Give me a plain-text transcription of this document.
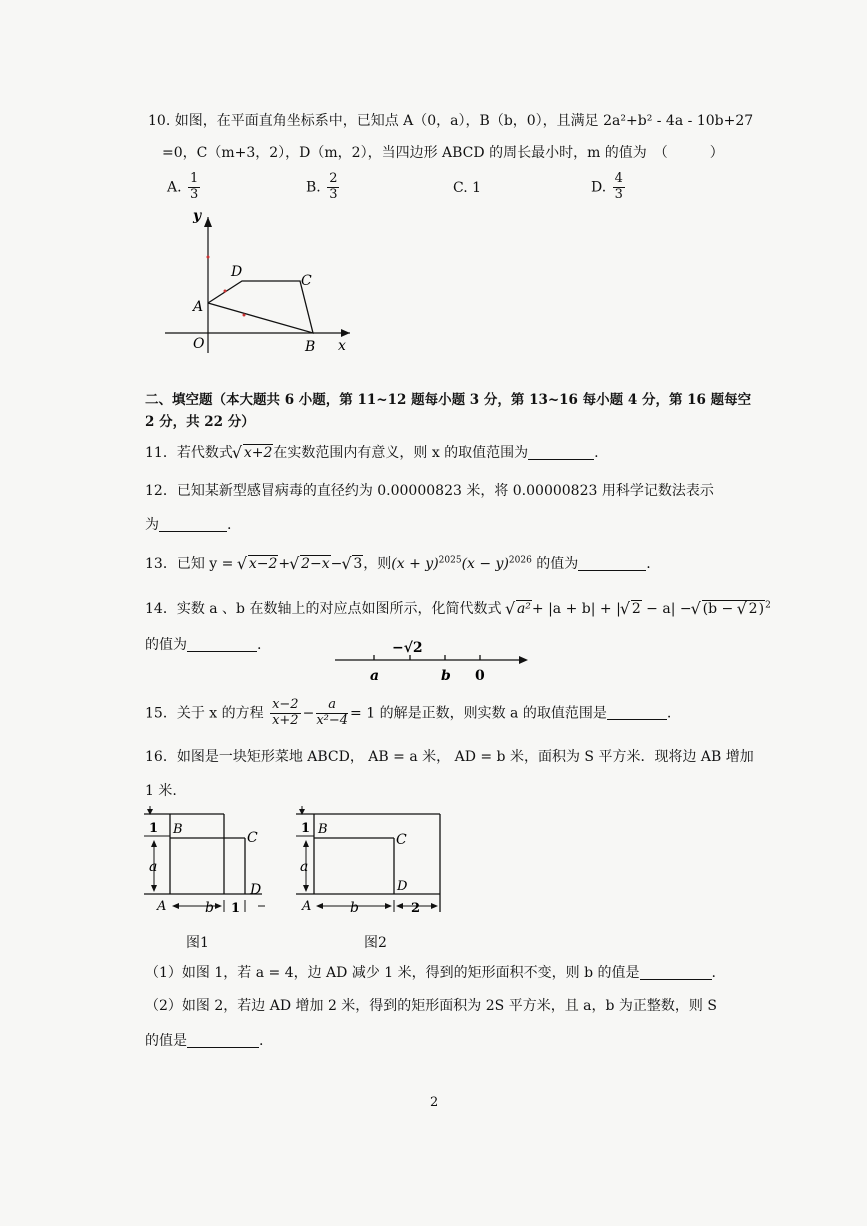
10. 如图，在平面直角坐标系中，已知点 A（0，a），B（b，0），且满足 2a²+b² - 4a - 10b+27
=0，C（m+3，2），D（m，2），当四边形 ABCD 的周长最小时，m 的值为　（　　　）
A. $\frac{1}{3}$	B. $\frac{2}{3}$	C. 1	D. $\frac{4}{3}$
y
x
O
A
B
C
D
二、填空题（本大题共 6 小题，第 11~12 题每小题 3 分，第 13~16 每小题 4 分，第 16 题每空
2 分，共 22 分）
11．若代数式 √ x+2在实数范围内有意义，则 x 的取值范围为	.
12．已知某新型感冒病毒的直径约为 0.00000823 米，将 0.00000823 用科学记数法表示
为	.
13．已知 y = √ x−2+ √ 2−x− √ 3，则$(x + y)^{2025}(x - y)^{2026}$ 的值为	.
14．实数 a 、b 在数轴上的对应点如图所示，化简代数式 √ a²+ |a + b| + | √ 2 − a| − √ (b − √ 2)$^2$
的值为	.	−√2
a	b 0
15．关于 x 的方程 $\frac{x-2}{x+2} - \frac{a}{\text{x²−4}} = 1$ 的解是正数，则实数 a 的取值范围是	.
16．如图是一块矩形菜地 ABCD， AB = a 米， AD = b 米，面积为 S 平方米．现将边 AB 增加
1 米.
1
a
b 1
A
B
C
D
图1
1
a
b	2
A
B
C
D
图2
（1）如图 1，若 a = 4，边 AD 减少 1 米，得到的矩形面积不变，则 b 的值是	.
（2）如图 2，若边 AD 增加 2 米，得到的矩形面积为 2S 平方米，且 a，b 为正整数，则 S
的值是	.
2
